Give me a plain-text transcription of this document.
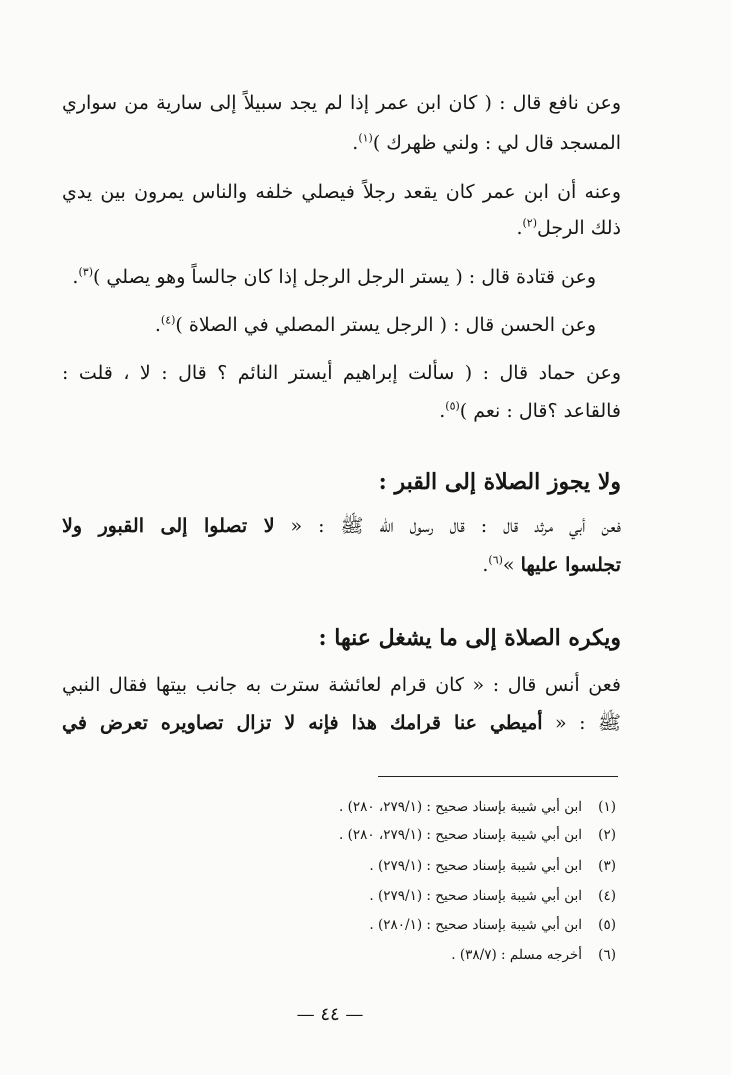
وعن نافع قال : ( كان ابن عمر إذا لم يجد سبيلاً إلى سارية من سواري
المسجد قال لي : ولني ظهرك )$^{(١)}$.
وعنه أن ابن عمر كان يقعد رجلاً فيصلي خلفه والناس يمرون بين يدي
ذلك الرجل$^{(٢)}$.
وعن قتادة قال : ( يستر الرجل الرجل إذا كان جالساً وهو يصلي )$^{(٣)}$.
وعن الحسن قال : ( الرجل يستر المصلي في الصلاة )$^{(٤)}$.
وعن حماد قال : ( سألت إبراهيم أيستر النائم ؟ قال : لا ، قلت :
فالقاعد ؟قال : نعم )$^{(٥)}$.
ولا يجوز الصلاة إلى القبر :
فعن أبي مرثد قال : قال رسول الله ﷺ : « لا تصلوا إلى القبور ولا
تجلسوا عليها »$^{(٦)}$.
ويكره الصلاة إلى ما يشغل عنها :
فعن أنس قال : « كان قرام لعائشة سترت به جانب بيتها فقال النبي
ﷺ : « أميطي عنا قرامك هذا فإنه لا تزال تصاويره تعرض في
(١)ابن أبي شيبة بإسناد صحيح : (٢٧٩/١، ٢٨٠) .
(٢)ابن أبي شيبة بإسناد صحيح : (٢٧٩/١، ٢٨٠) .
(٣)ابن أبي شيبة بإسناد صحيح : (٢٧٩/١) .
(٤)ابن أبي شيبة بإسناد صحيح : (٢٧٩/١) .
(٥)ابن أبي شيبة بإسناد صحيح : (٢٨٠/١) .
(٦)أخرجه مسلم : (٣٨/٧) .
— ٤٤ —
